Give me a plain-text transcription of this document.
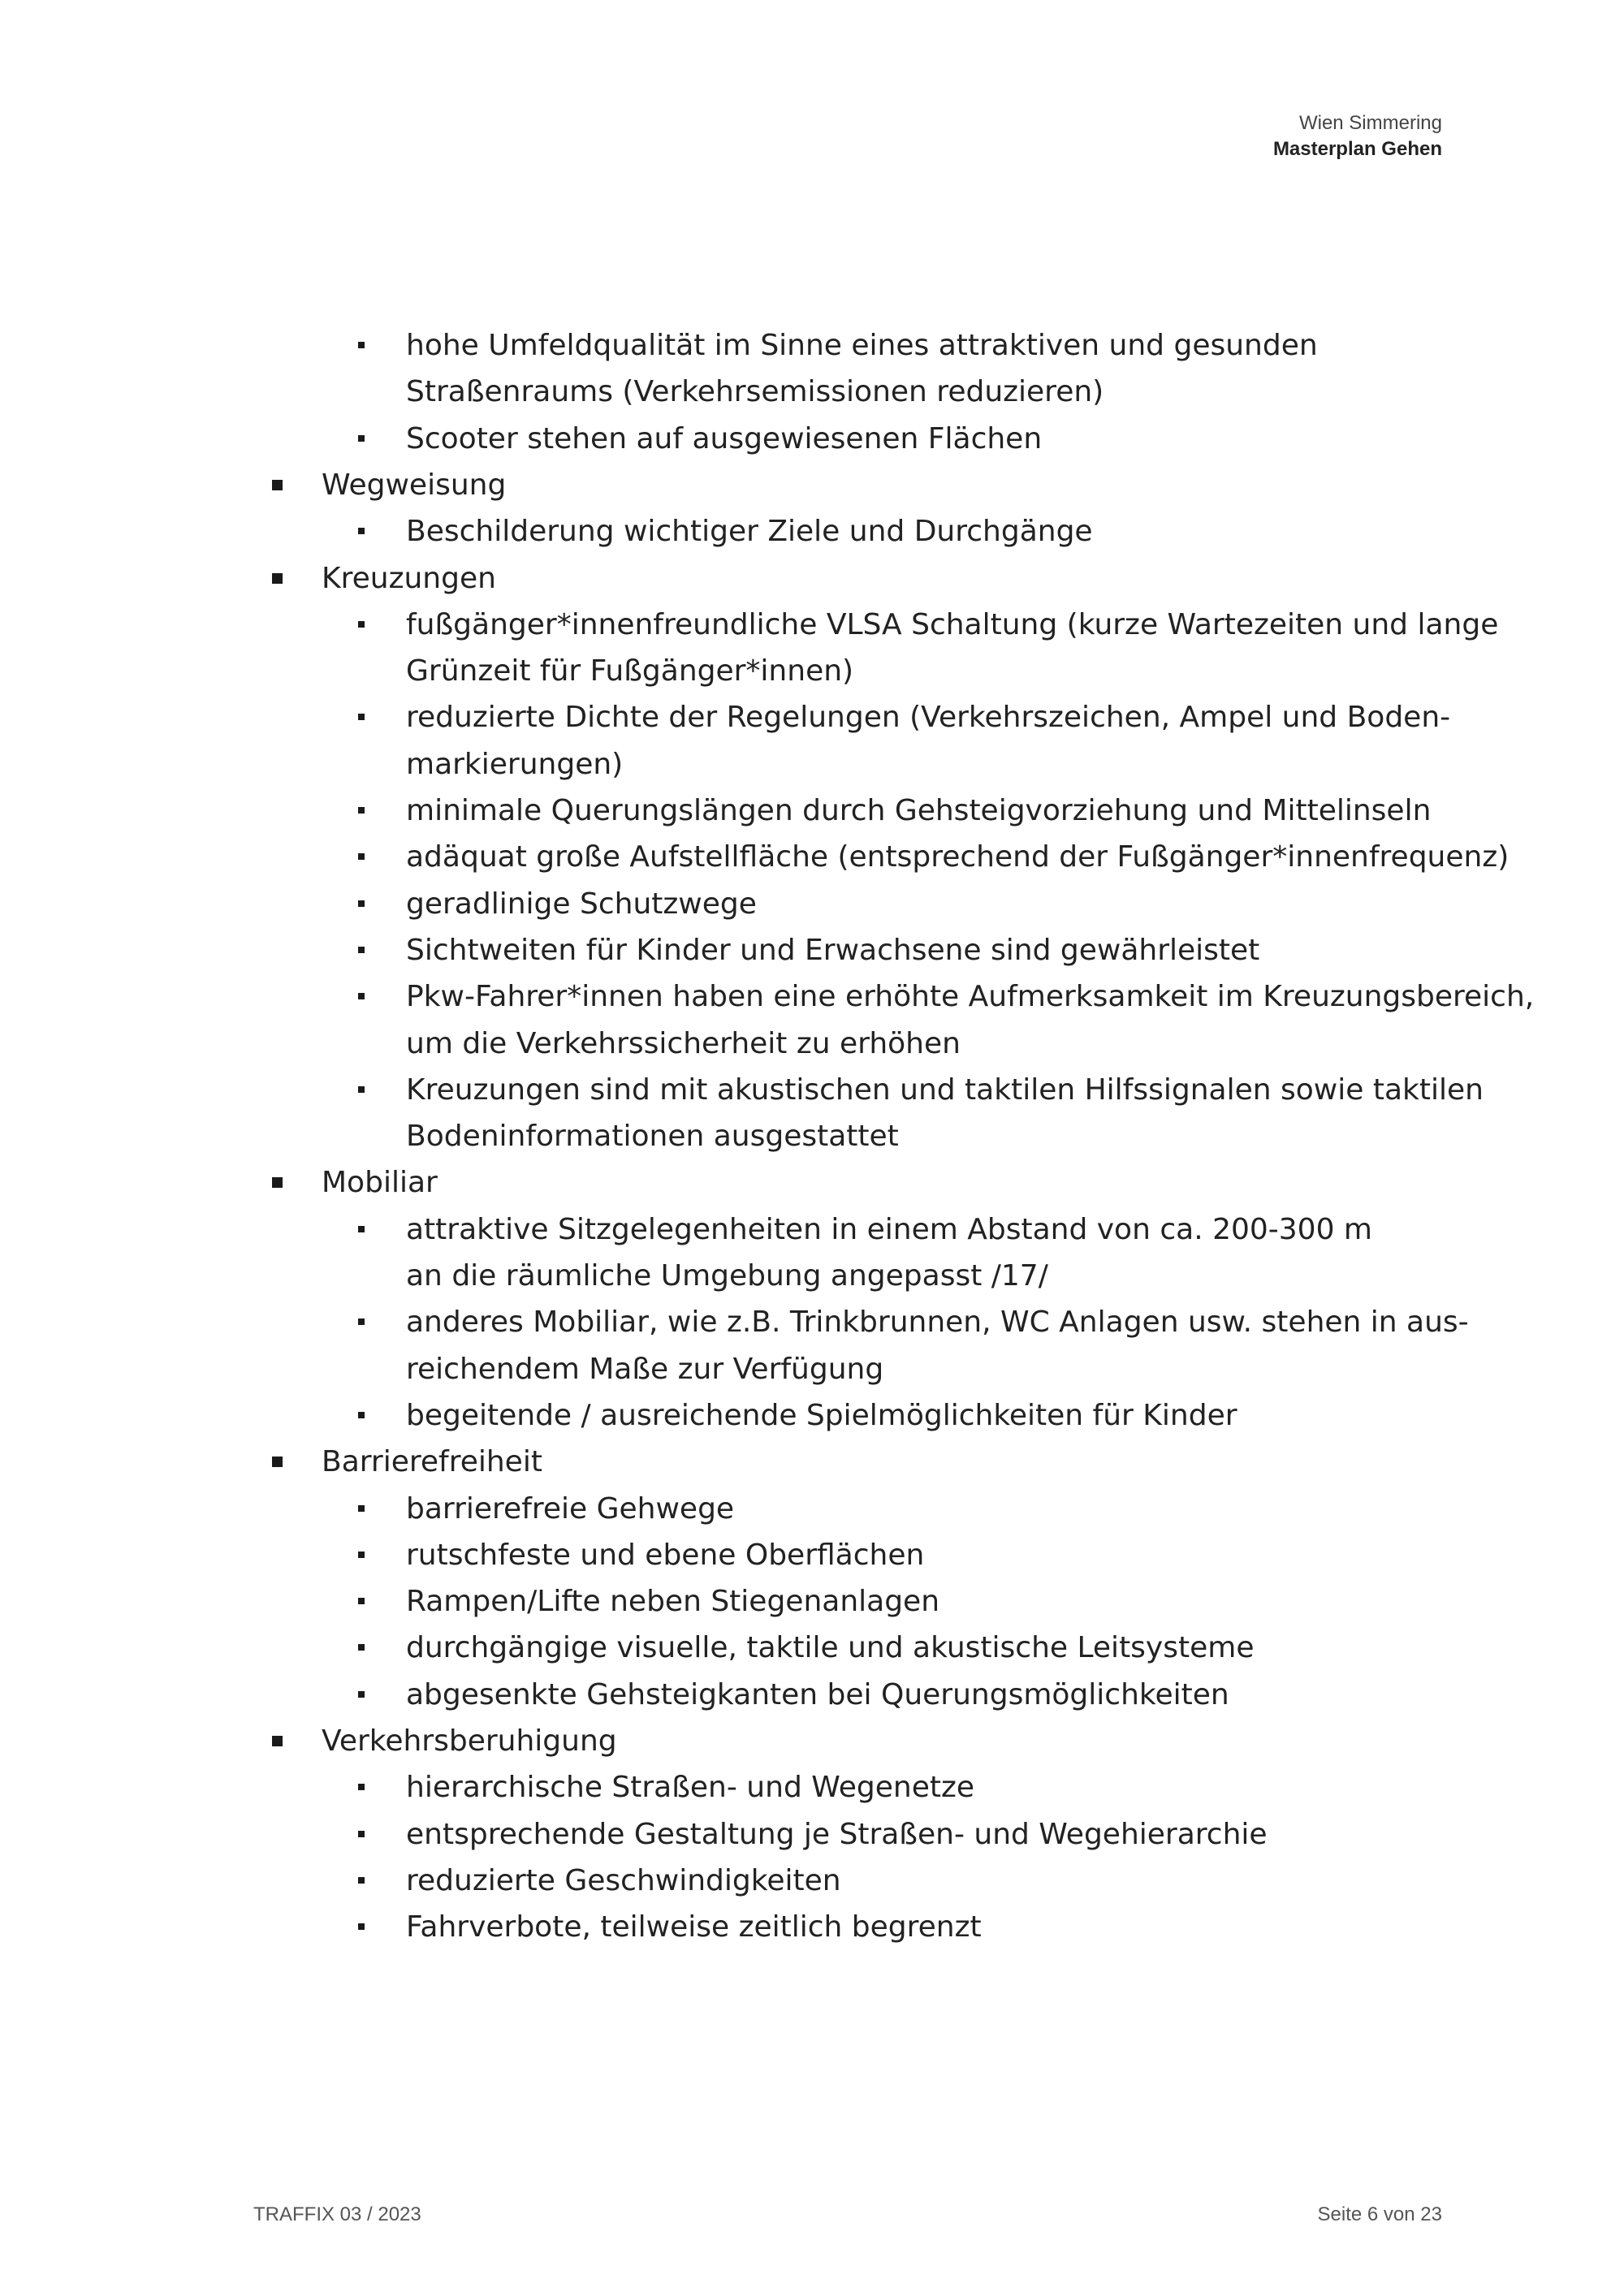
Wien Simmering
Masterplan Gehen
hohe Umfeldqualität im Sinne eines attraktiven und gesunden
Straßenraums (Verkehrsemissionen reduzieren)
Scooter stehen auf ausgewiesenen Flächen
Wegweisung
Beschilderung wichtiger Ziele und Durchgänge
Kreuzungen
fußgänger*innenfreundliche VLSA Schaltung (kurze Wartezeiten und lange
Grünzeit für Fußgänger*innen)
reduzierte Dichte der Regelungen (Verkehrszeichen, Ampel und Boden-
markierungen)
minimale Querungslängen durch Gehsteigvorziehung und Mittelinseln
adäquat große Aufstellfläche (entsprechend der Fußgänger*innenfrequenz)
geradlinige Schutzwege
Sichtweiten für Kinder und Erwachsene sind gewährleistet
Pkw-Fahrer*innen haben eine erhöhte Aufmerksamkeit im Kreuzungsbereich,
um die Verkehrssicherheit zu erhöhen
Kreuzungen sind mit akustischen und taktilen Hilfssignalen sowie taktilen
Bodeninformationen ausgestattet
Mobiliar
attraktive Sitzgelegenheiten in einem Abstand von ca. 200-300 m
an die räumliche Umgebung angepasst /17/
anderes Mobiliar, wie z.B. Trinkbrunnen, WC Anlagen usw. stehen in aus-
reichendem Maße zur Verfügung
begeitende / ausreichende Spielmöglichkeiten für Kinder
Barrierefreiheit
barrierefreie Gehwege
rutschfeste und ebene Oberflächen
Rampen/Lifte neben Stiegenanlagen
durchgängige visuelle, taktile und akustische Leitsysteme
abgesenkte Gehsteigkanten bei Querungsmöglichkeiten
Verkehrsberuhigung
hierarchische Straßen- und Wegenetze
entsprechende Gestaltung je Straßen- und Wegehierarchie
reduzierte Geschwindigkeiten
Fahrverbote, teilweise zeitlich begrenzt
TRAFFIX 03 / 2023	Seite 6 von 23
